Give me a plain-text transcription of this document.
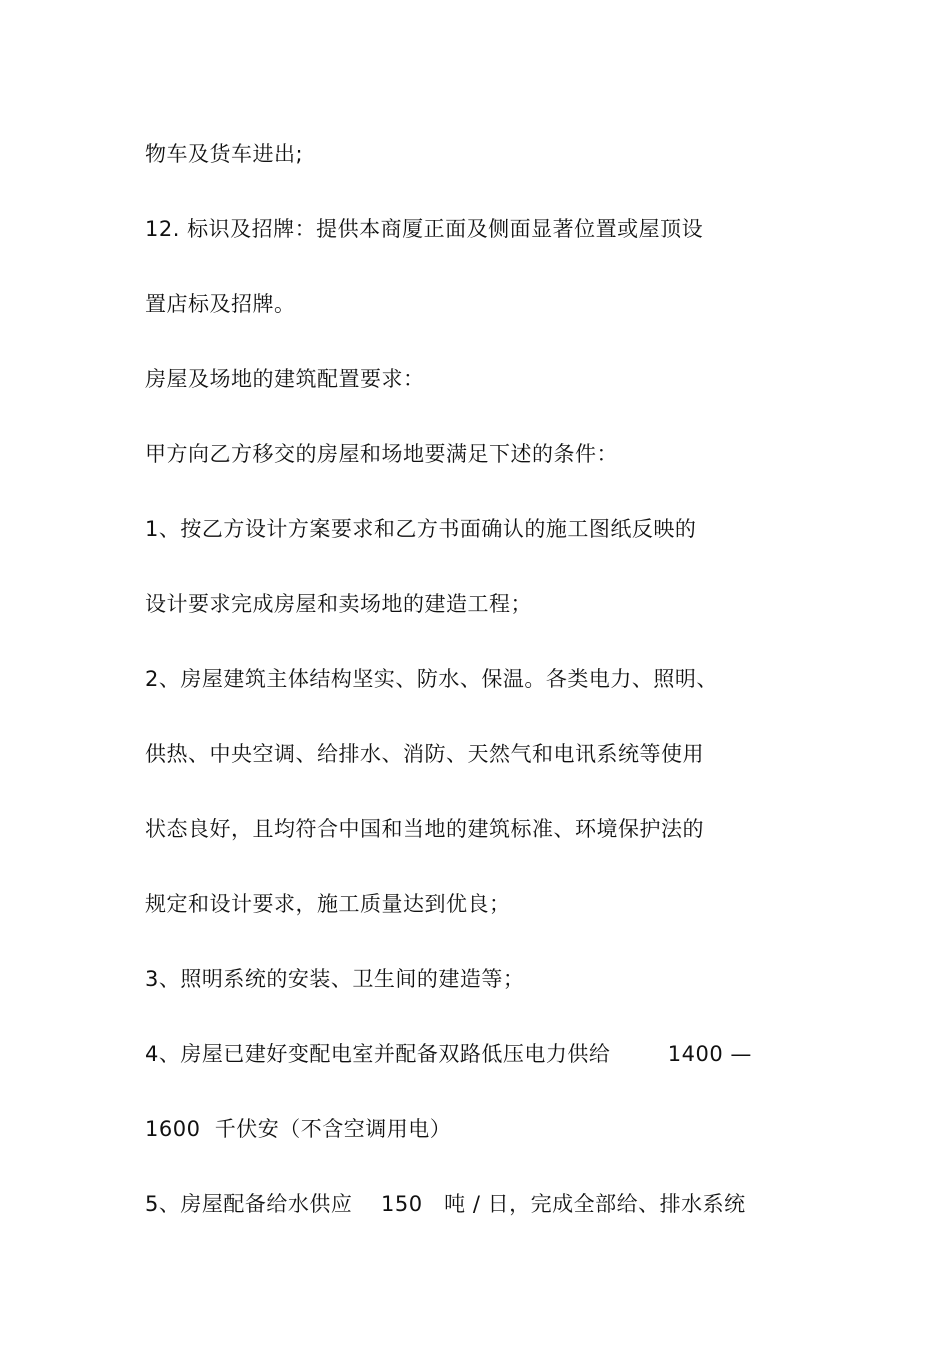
物车及货车进出;
12. 标识及招牌：提供本商厦正面及侧面显著位置或屋顶设
置店标及招牌。
房屋及场地的建筑配置要求：
甲方向乙方移交的房屋和场地要满足下述的条件：
1、按乙方设计方案要求和乙方书面确认的施工图纸反映的
设计要求完成房屋和卖场地的建造工程；
2、房屋建筑主体结构坚实、防水、保温。各类电力、照明、
供热、中央空调、给排水、消防、天然气和电讯系统等使用
状态良好，且均符合中国和当地的建筑标准、环境保护法的
规定和设计要求，施工质量达到优良；
3、照明系统的安装、卫生间的建造等；
4、房屋已建好变配电室并配备双路低压电力供给        1400 —
1600  千伏安（不含空调用电）
5、房屋配备给水供应    150   吨 / 日，完成全部给、排水系统
